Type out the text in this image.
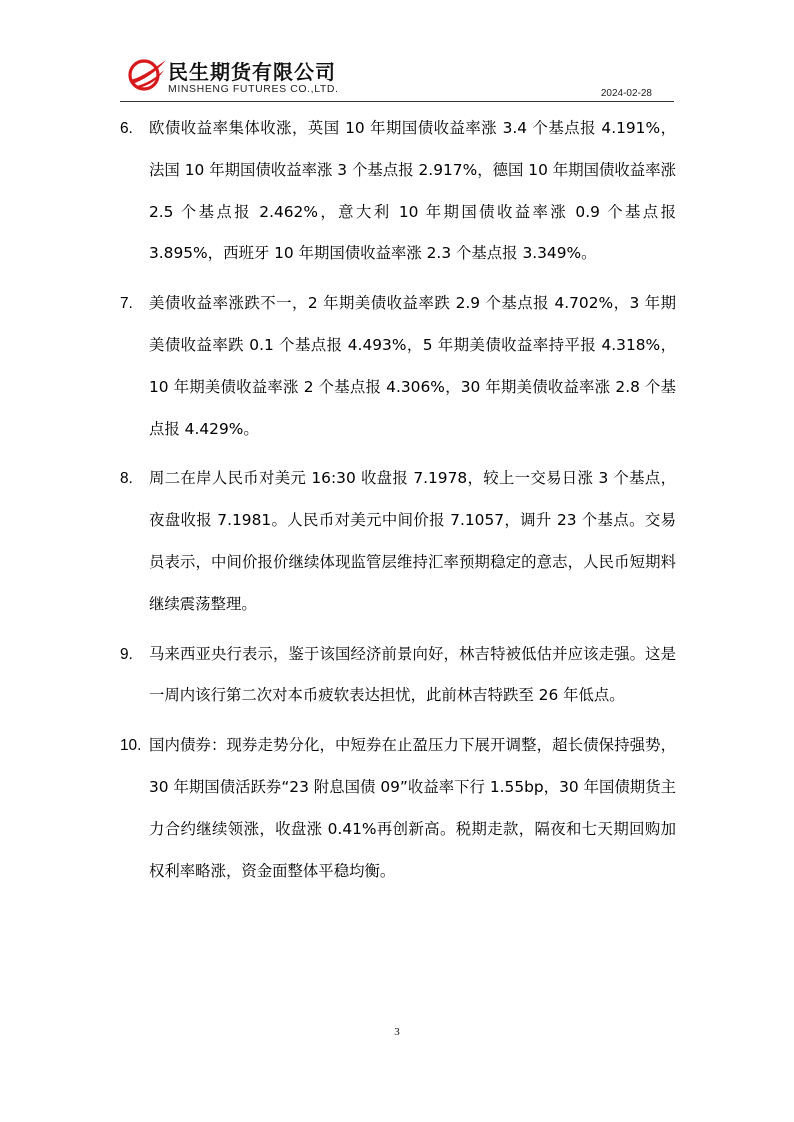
民生期货有限公司
MINSHENG FUTURES CO.,LTD.	2024-02-28
6. 欧债收益率集体收涨，英国 10 年期国债收益率涨 3.4 个基点报 4.191%，法国 10 年期国债收益率涨 3 个基点报 2.917%，德国 10 年期国债收益率涨 2.5 个基点报 2.462%，意大利 10 年期国债收益率涨 0.9 个基点报 3.895%，西班牙 10 年期国债收益率涨 2.3 个基点报 3.349%。
7. 美债收益率涨跌不一，2 年期美债收益率跌 2.9 个基点报 4.702%，3 年期美债收益率跌 0.1 个基点报 4.493%，5 年期美债收益率持平报 4.318%，10 年期美债收益率涨 2 个基点报 4.306%，30 年期美债收益率涨 2.8 个基点报 4.429%。
8. 周二在岸人民币对美元 16:30 收盘报 7.1978，较上一交易日涨 3 个基点，夜盘收报 7.1981。人民币对美元中间价报 7.1057，调升 23 个基点。交易员表示，中间价报价继续体现监管层维持汇率预期稳定的意志，人民币短期料继续震荡整理。
9. 马来西亚央行表示，鉴于该国经济前景向好，林吉特被低估并应该走强。这是一周内该行第二次对本币疲软表达担忧，此前林吉特跌至 26 年低点。
10. 国内债券：现券走势分化，中短券在止盈压力下展开调整，超长债保持强势，30 年期国债活跃券“23 附息国债 09”收益率下行 1.55bp，30 年国债期货主力合约继续领涨，收盘涨 0.41%再创新高。税期走款，隔夜和七天期回购加权利率略涨，资金面整体平稳均衡。
3
